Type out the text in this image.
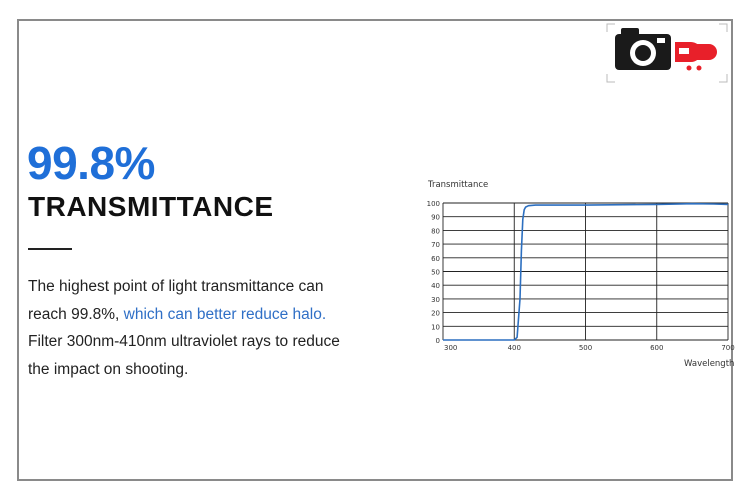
99.8%
TRANSMITTANCE
The highest point of light transmittance can
reach 99.8%, which can better reduce halo.
Filter 300nm-410nm ultraviolet rays to reduce
the impact on shooting.
0
10
20
30
40
50
60
70
80
90
100
300	400	500	600	700
Transmittance
Wavelength
